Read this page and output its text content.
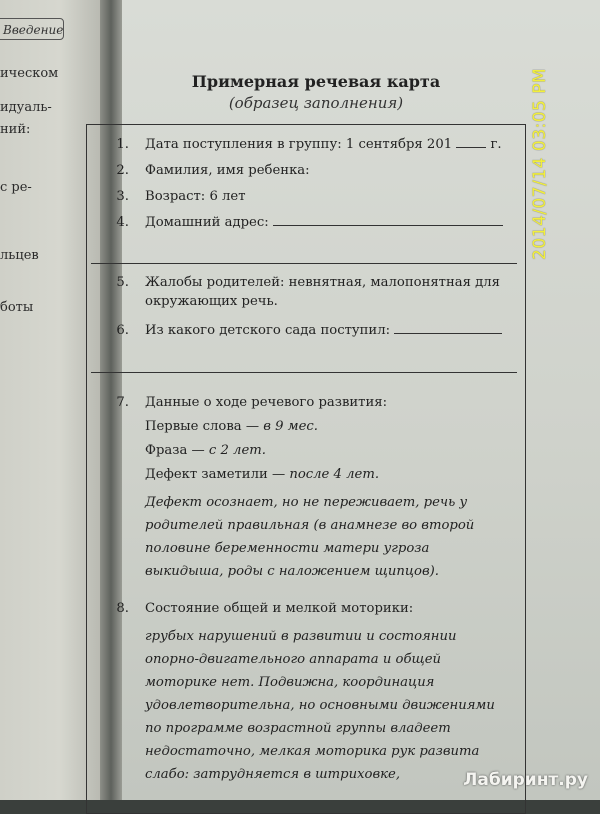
Введение
ическом
идуаль-
ний:
с ре-
льцев
боты
Примерная речевая карта
(образец заполнения)
1. Дата поступления в группу: 1 сентября 201	г.
2. Фамилия, имя ребенка:
3. Возраст: 6 лет
4. Домашний адрес:
5. Жалобы родителей: невнятная, малопонятная для окружающих речь.
6. Из какого детского сада поступил:
7. Данные о ходе речевого развития:
Первые слова — в 9 мес.
Фраза — с 2 лет.
Дефект заметили — после 4 лет.
Дефект осознает, но не переживает, речь у родителей правильная (в анамнезе во второй половине беременности матери угроза выкидыша, роды с наложением щипцов).
8. Состояние общей и мелкой моторики:
грубых нарушений в развитии и состоянии опорно-двигательного аппарата и общей моторике нет. Подвижна, координация удовлетворительна, но основными движениями по программе возрастной группы владеет недостаточно, мелкая моторика рук развита слабо: затрудняется в штриховке,
2014/07/14 03:05 PM
Лабиринт.ру
